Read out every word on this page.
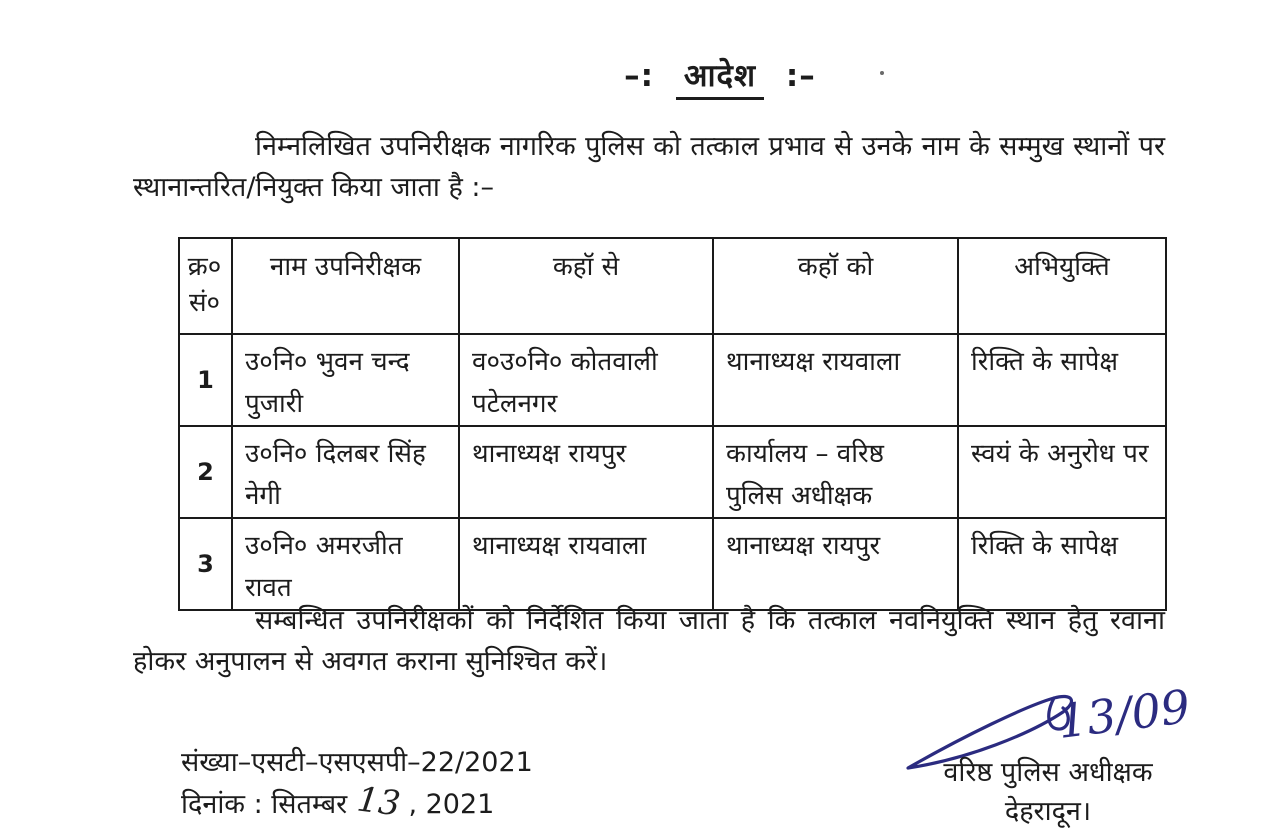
–: आदेश :–
निम्नलिखित उपनिरीक्षक नागरिक पुलिस को तत्काल प्रभाव से उनके नाम के सम्मुख स्थानों पर स्थानान्तरित/नियुक्त किया जाता है :–
क्र०
सं०	नाम उपनिरीक्षक	कहॉ से	कहॉ को	अभियुक्ति
1	उ०नि० भुवन चन्द पुजारी	व०उ०नि० कोतवाली पटेलनगर	थानाध्यक्ष रायवाला	रिक्ति के सापेक्ष
2	उ०नि० दिलबर सिंह नेगी	थानाध्यक्ष रायपुर	कार्यालय – वरिष्ठ पुलिस अधीक्षक	स्वयं के अनुरोध पर
3	उ०नि० अमरजीत रावत	थानाध्यक्ष रायवाला	थानाध्यक्ष रायपुर	रिक्ति के सापेक्ष
सम्बन्धित उपनिरीक्षकों को निर्देशित किया जाता है कि तत्काल नवनियुक्ति स्थान हेतु रवाना होकर अनुपालन से अवगत कराना सुनिश्चित करें।
संख्या–एसटी–एसएसपी–22/2021
दिनांक : सितम्बर 13 , 2021
13/09
वरिष्ठ पुलिस अधीक्षक
देहरादून।
